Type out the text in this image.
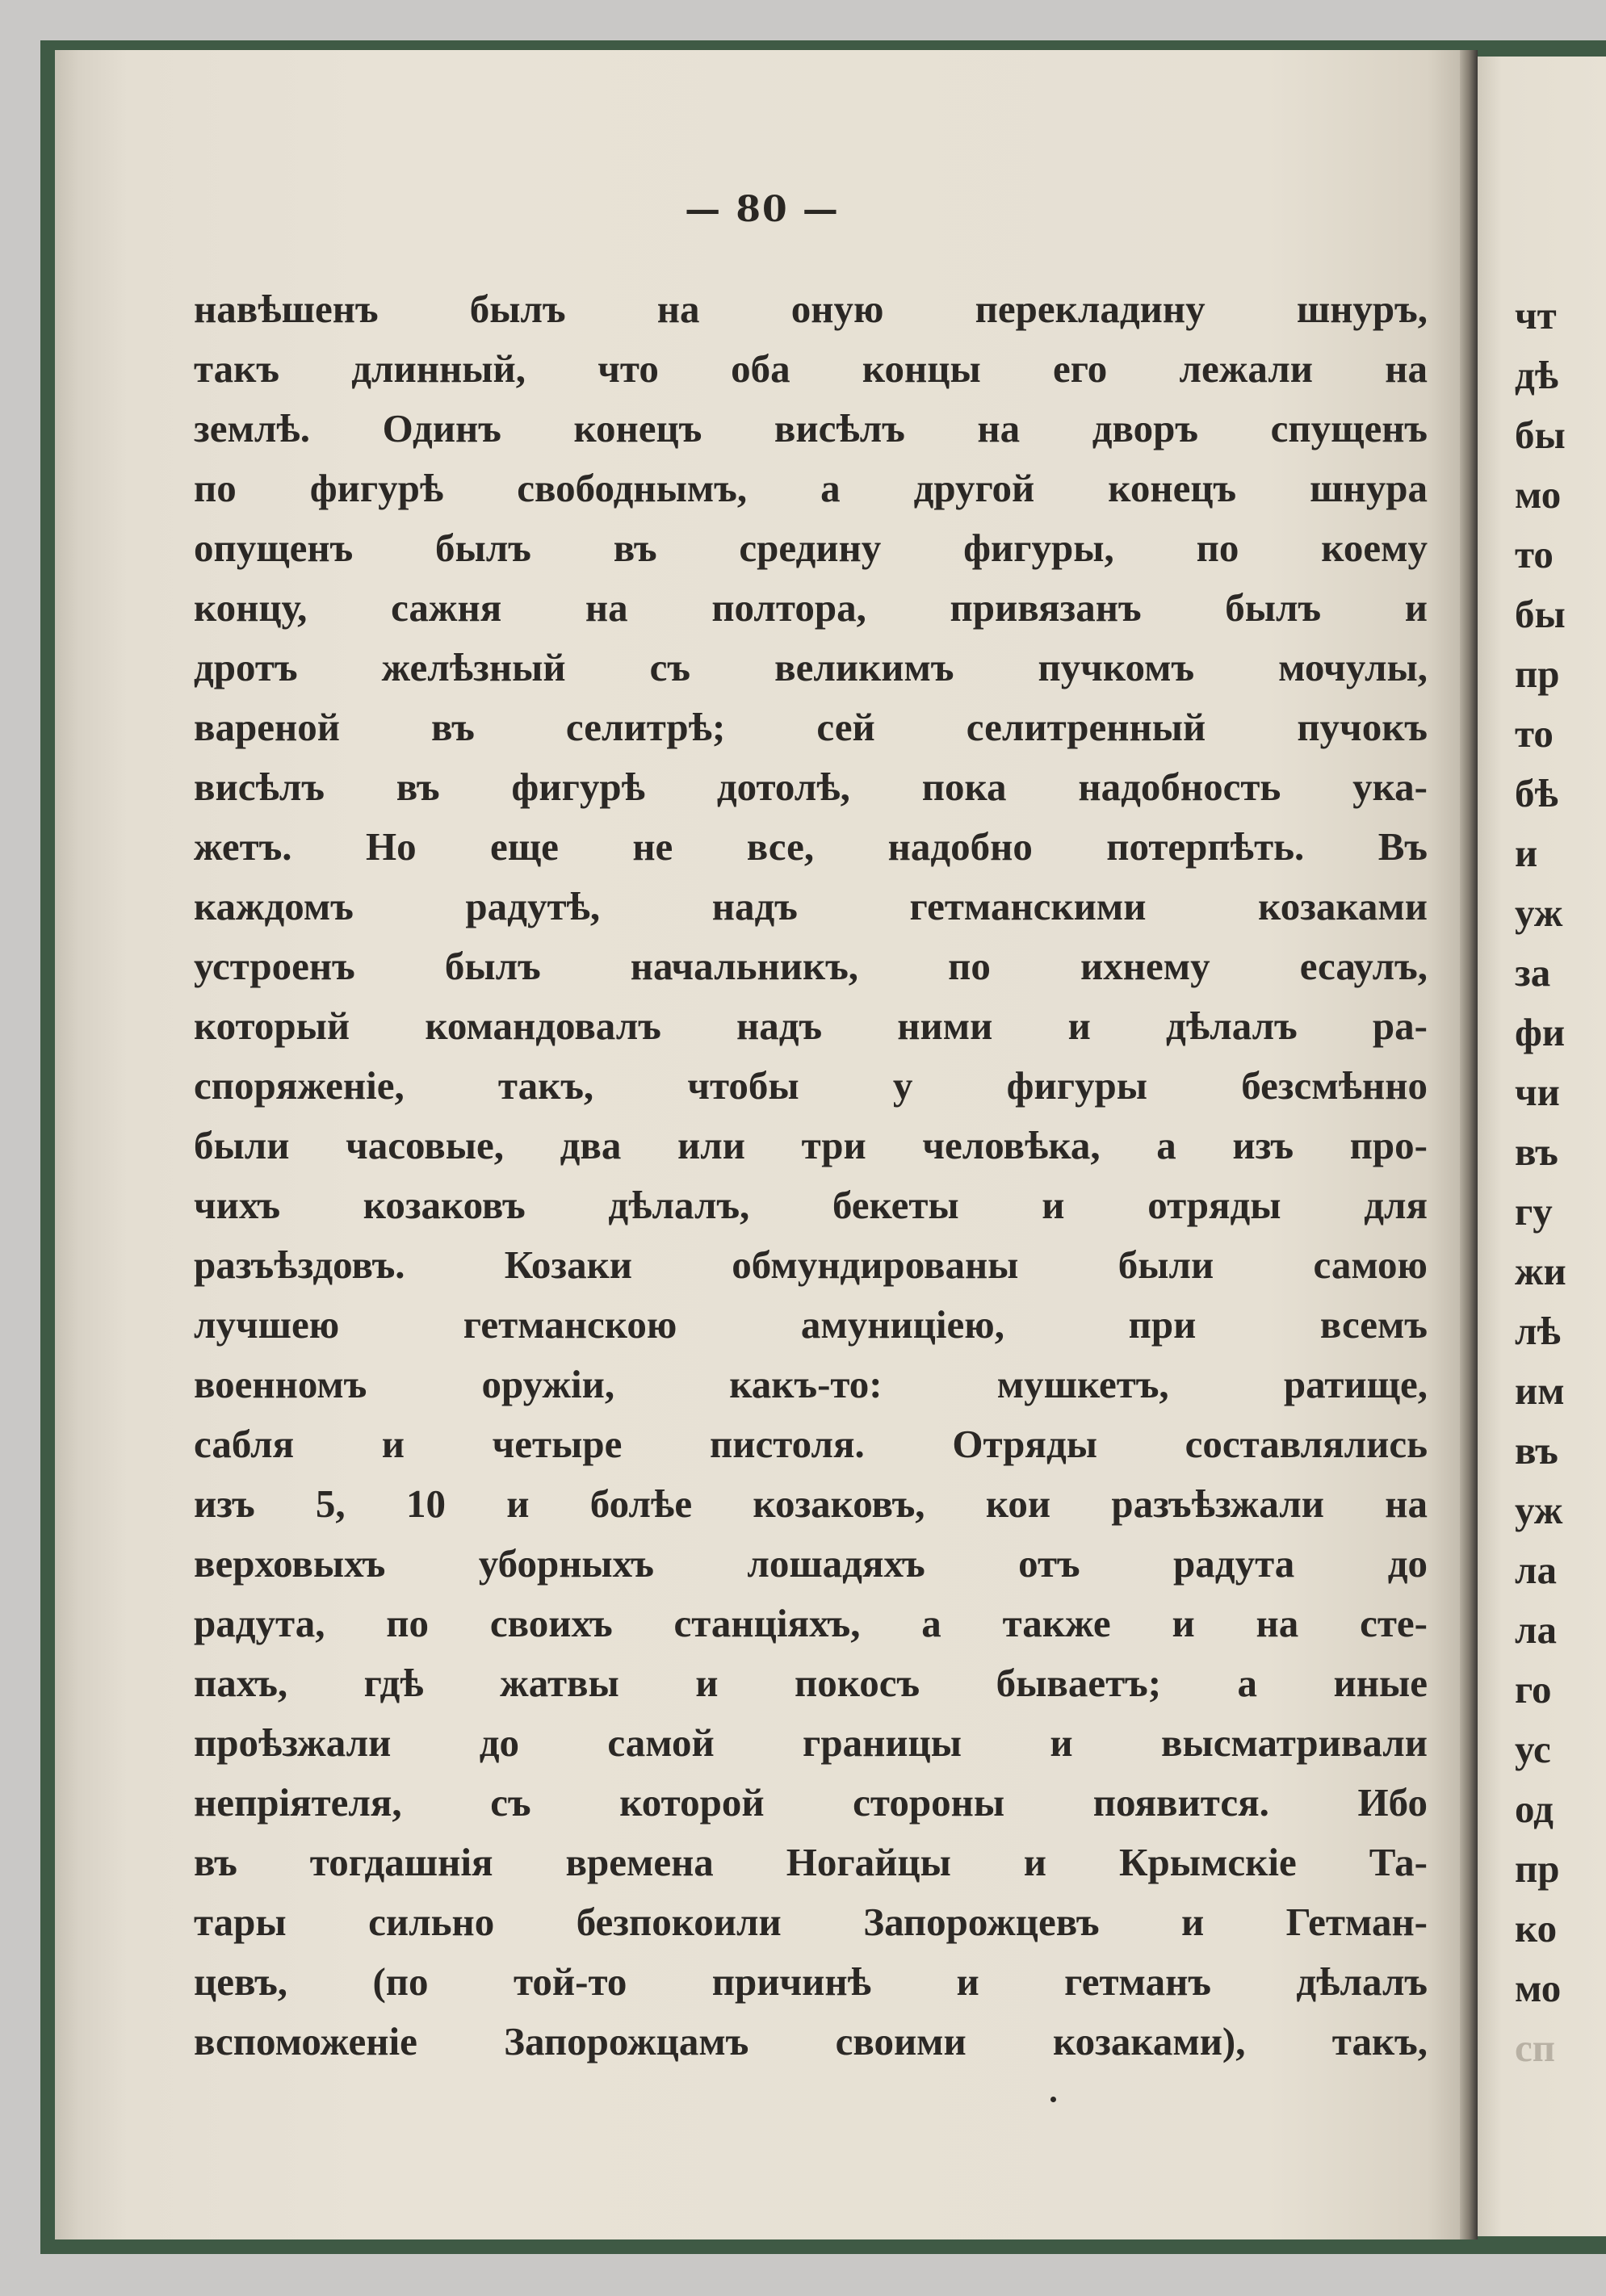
— 80 —
навѣшенъ былъ на оную перекладину шнуръ,
такъ длинный, что оба концы его лежали на
землѣ. Одинъ конецъ висѣлъ на дворъ спущенъ
по фигурѣ свободнымъ, а другой конецъ шнура
опущенъ былъ въ средину фигуры, по коему
концу, сажня на полтора, привязанъ былъ и
дротъ желѣзный съ великимъ пучкомъ мочулы,
вареной въ селитрѣ; сей селитренный пучокъ
висѣлъ въ фигурѣ дотолѣ, пока надобность ука-
жетъ. Но еще не все, надобно потерпѣть. Въ
каждомъ радутѣ, надъ гетманскими козаками
устроенъ былъ начальникъ, по ихнему есаулъ,
который командовалъ надъ ними и дѣлалъ ра-
споряженіе, такъ, чтобы у фигуры безсмѣнно
были часовые, два или три человѣка, а изъ про-
чихъ козаковъ дѣлалъ, бекеты и отряды для
разъѣздовъ. Козаки обмундированы были самою
лучшею гетманскою амуниціею, при всемъ
военномъ оружіи, какъ-то: мушкетъ, ратище,
сабля и четыре пистоля. Отряды составлялись
изъ 5, 10 и болѣе козаковъ, кои разъѣзжали на
верховыхъ уборныхъ лошадяхъ отъ радута до
радута, по своихъ станціяхъ, а также и на сте-
пахъ, гдѣ жатвы и покосъ бываетъ; а иные
проѣзжали до самой границы и высматривали
непріятеля, съ которой стороны появится. Ибо
въ тогдашнія времена Ногайцы и Крымскіе Та-
тары сильно безпокоили Запорожцевъ и Гетман-
цевъ, (по той-то причинѣ и гетманъ дѣлалъ
вспоможеніе Запорожцамъ своими козаками), такъ,
чт
дѣ
бы
мо
то
бы
пр
то
бѣ
и
уж
за
фи
чи
въ
гу
жи
лѣ
им
въ
уж
ла
ла
го
ус
од
пр
ко
мо
сп
